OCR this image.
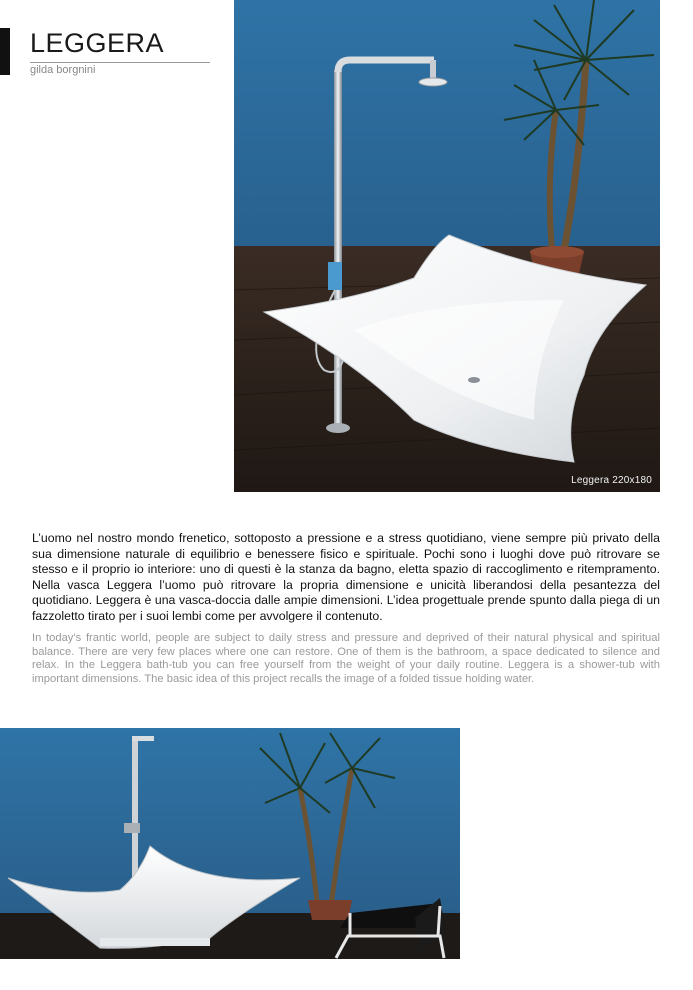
LEGGERA
gilda borgnini
Leggera 220x180

L’uomo nel nostro mondo frenetico, sottoposto a pressione e a stress quotidiano, viene sempre più privato della sua dimensione naturale di equilibrio e benessere fisico e spirituale. Pochi sono i luoghi dove può ritrovare se stesso e il proprio io interiore: uno di questi è la stanza da bagno, eletta spazio di raccoglimento e ritempramento. Nella vasca Leggera l’uomo può ritrovare la propria dimensione e unicità liberandosi della pesantezza del quotidiano. Leggera è una vasca-doccia dalle ampie dimensioni. L’idea progettuale prende spunto dalla piega di un fazzoletto tirato per i suoi lembi come per avvolgere il contenuto.

In today’s frantic world, people are subject to daily stress and pressure and deprived of their natural physical and spiritual balance. There are very few places where one can restore. One of them is the bathroom, a space dedicated to silence and relax. In the Leggera bath-tub you can free yourself from the weight of your daily routine. Leggera is a shower-tub with important dimensions. The basic idea of this project recalls the image of a folded tissue holding water.
